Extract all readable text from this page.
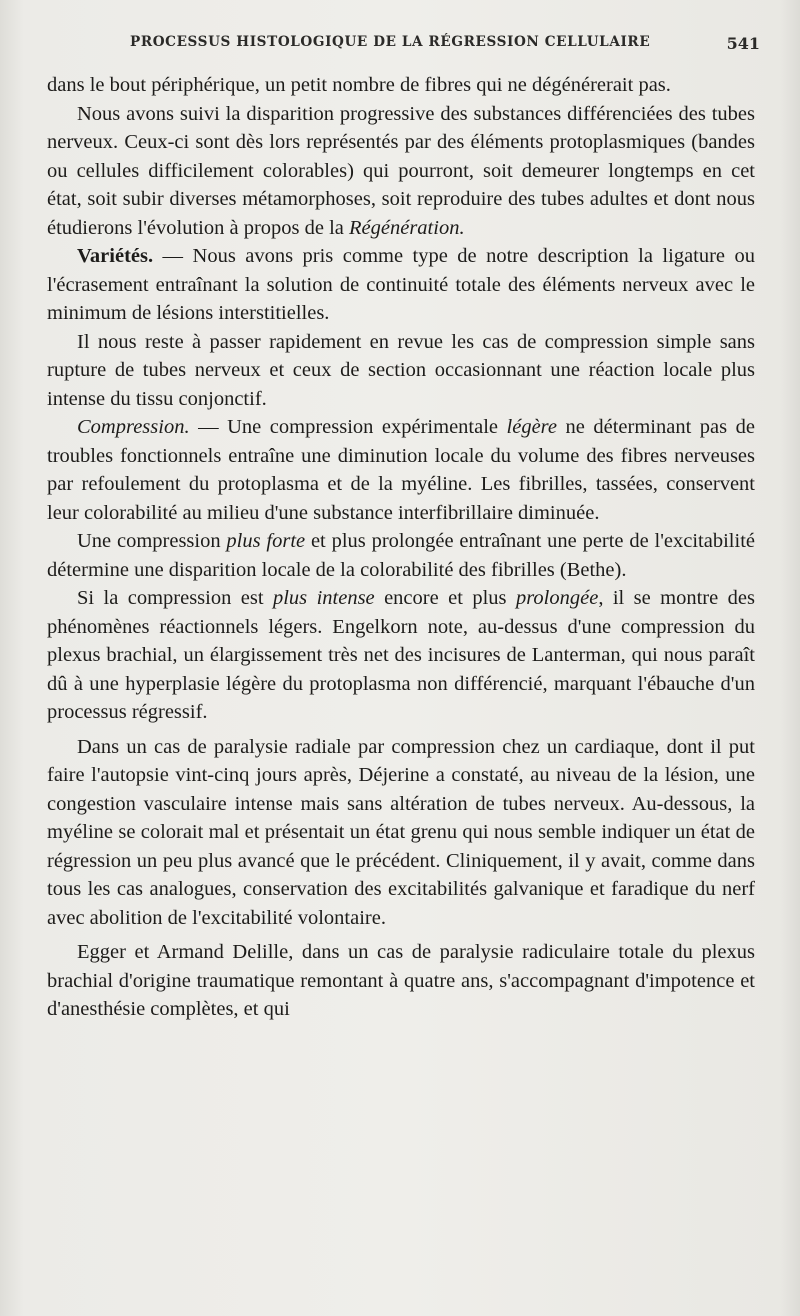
PROCESSUS HISTOLOGIQUE DE LA RÉGRESSION CELLULAIRE	541

dans le bout périphérique, un petit nombre de fibres qui ne dégénérerait pas.

Nous avons suivi la disparition progressive des substances différenciées des tubes nerveux. Ceux-ci sont dès lors représentés par des éléments protoplasmiques (bandes ou cellules difficilement colorables) qui pourront, soit demeurer longtemps en cet état, soit subir diverses métamorphoses, soit reproduire des tubes adultes et dont nous étudierons l'évolution à propos de la Régénération.

Variétés. — Nous avons pris comme type de notre description la ligature ou l'écrasement entraînant la solution de continuité totale des éléments nerveux avec le minimum de lésions interstitielles.

Il nous reste à passer rapidement en revue les cas de compression simple sans rupture de tubes nerveux et ceux de section occasionnant une réaction locale plus intense du tissu conjonctif.

Compression. — Une compression expérimentale légère ne déterminant pas de troubles fonctionnels entraîne une diminution locale du volume des fibres nerveuses par refoulement du protoplasma et de la myéline. Les fibrilles, tassées, conservent leur colorabilité au milieu d'une substance interfibrillaire diminuée.

Une compression plus forte et plus prolongée entraînant une perte de l'excitabilité détermine une disparition locale de la colorabilité des fibrilles (Bethe).

Si la compression est plus intense encore et plus prolongée, il se montre des phénomènes réactionnels légers. Engelkorn note, au-dessus d'une compression du plexus brachial, un élargissement très net des incisures de Lanterman, qui nous paraît dû à une hyperplasie légère du protoplasma non différencié, marquant l'ébauche d'un processus régressif.

Dans un cas de paralysie radiale par compression chez un cardiaque, dont il put faire l'autopsie vint-cinq jours après, Déjerine a constaté, au niveau de la lésion, une congestion vasculaire intense mais sans altération de tubes nerveux. Au-dessous, la myéline se colorait mal et présentait un état grenu qui nous semble indiquer un état de régression un peu plus avancé que le précédent. Cliniquement, il y avait, comme dans tous les cas analogues, conservation des excitabilités galvanique et faradique du nerf avec abolition de l'excitabilité volontaire.

Egger et Armand Delille, dans un cas de paralysie radiculaire totale du plexus brachial d'origine traumatique remontant à quatre ans, s'accompagnant d'impotence et d'anesthésie complètes, et qui
